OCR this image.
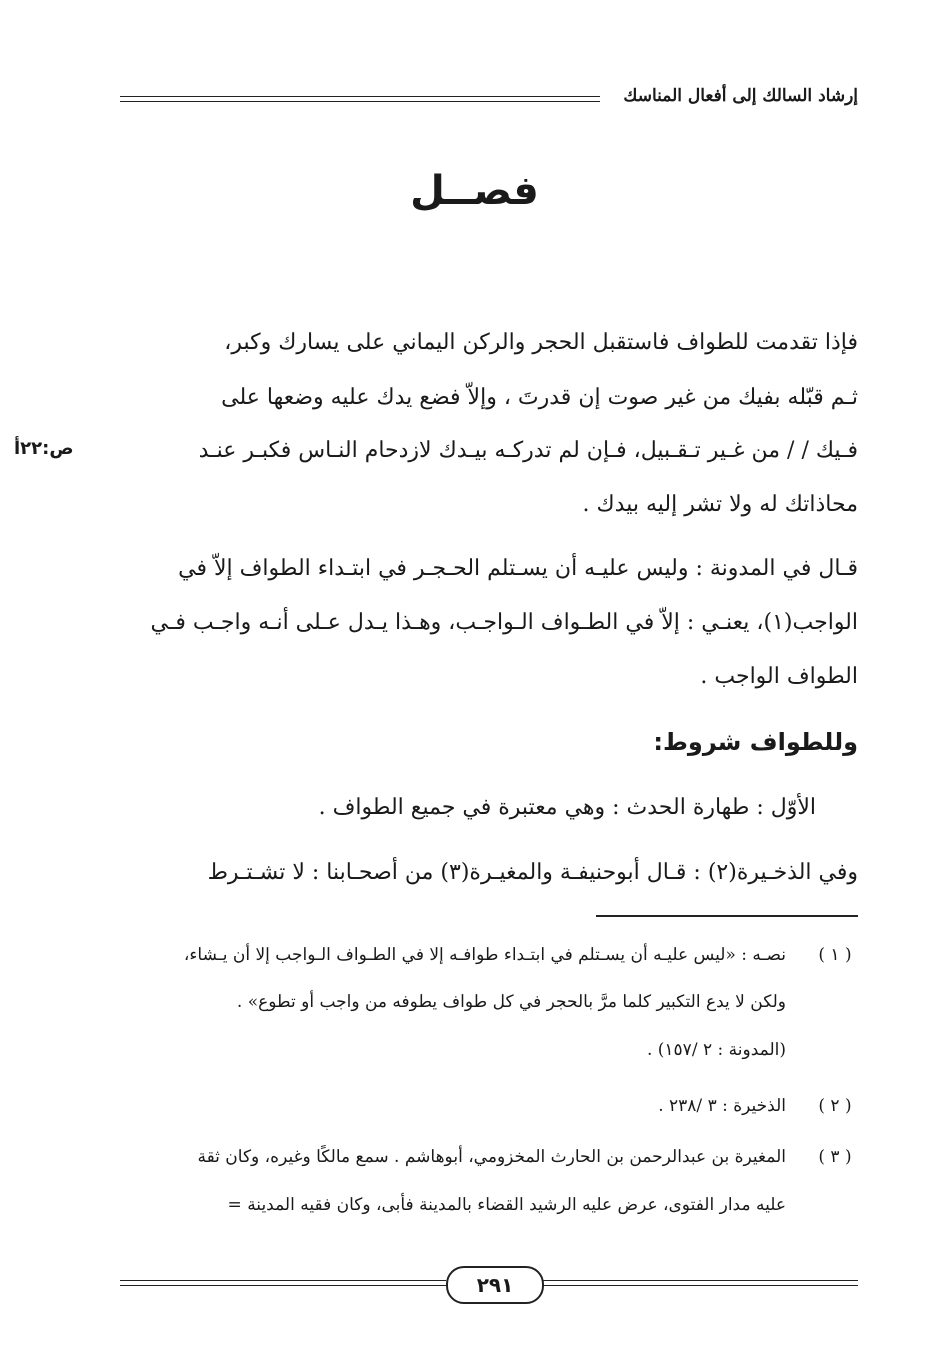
إرشاد السالك إلى أفعال المناسك
فصــل
ص:٢٢أ
فإذا تقدمت للطواف فاستقبل الحجر والركن اليماني على يسارك وكبر،
ثـم قبّله بفيك من غير صوت إن قدرتَ ، وإلاّ فضع يدك عليه وضعها على
فـيك / / من غـير تـقـبيل، فـإن لم تدركـه بيـدك لازدحام النـاس فكبـر عنـد
محاذاتك له ولا تشر إليه بيدك .
قـال في المدونة : وليس عليـه أن يسـتلم الحـجـر في ابتـداء الطواف إلاّ في
الواجب(١)، يعنـي : إلاّ في الطـواف الـواجـب، وهـذا يـدل عـلى أنـه واجـب فـي
الطواف الواجب .
وللطواف شروط:
الأوّل : طهارة الحدث : وهي معتبرة في جميع الطواف .
وفي الذخـيرة(٢) : قـال أبوحنيفـة والمغيـرة(٣) من أصحـابنا : لا تشـتـرط
( ١ )
نصـه : «ليس عليـه أن يسـتلم في ابتـداء طوافـه إلا في الطـواف الـواجب إلا أن يـشاء،
ولكن لا يدع التكبير كلما مرَّ بالحجر في كل طواف يطوفه من واجب أو تطوع» .
(المدونة : ٢ /١٥٧) .
( ٢ )
الذخيرة : ٣ /٢٣٨ .
( ٣ )
المغيرة بن عبدالرحمن بن الحارث المخزومي، أبوهاشم . سمع مالكًا وغيره، وكان ثقة
عليه مدار الفتوى، عرض عليه الرشيد القضاء بالمدينة فأبى، وكان فقيه المدينة =
٢٩١
